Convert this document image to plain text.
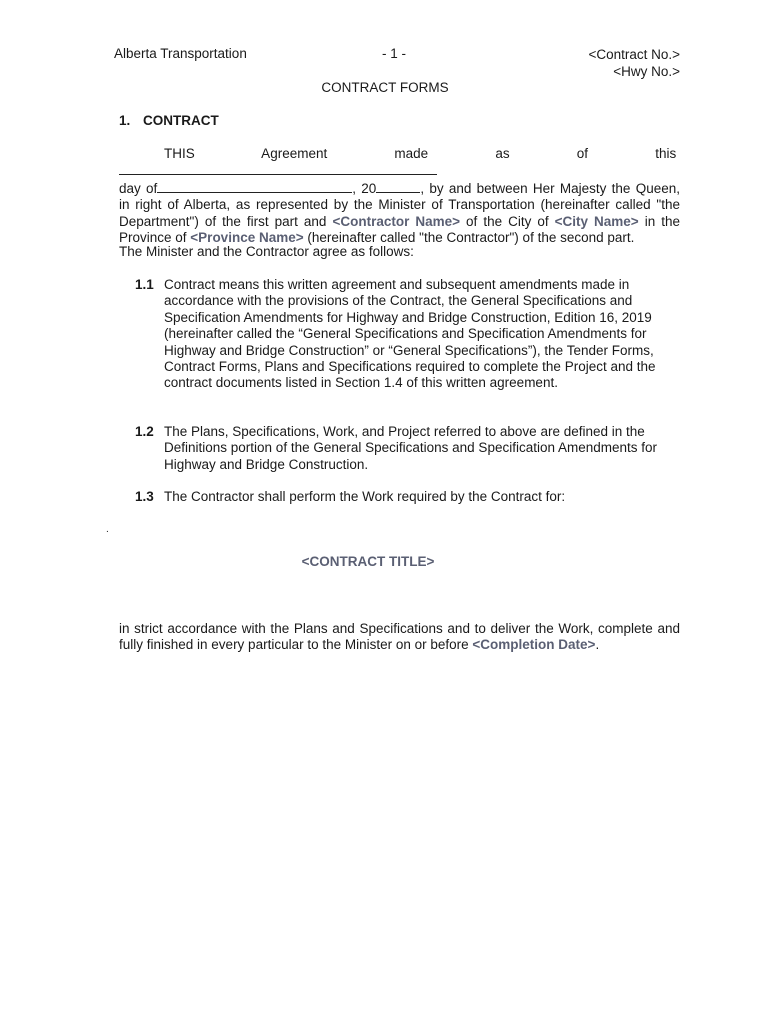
Alberta Transportation	- 1 -	<Contract No.>
<Hwy No.>
CONTRACT FORMS
1. CONTRACT
THIS Agreement made as of this
day of	, 20	, by and between Her Majesty the Queen, in right of Alberta, as represented by the Minister of Transportation (hereinafter called "the Department") of the first part and <Contractor Name> of the City of <City Name> in the Province of <Province Name> (hereinafter called "the Contractor") of the second part.
The Minister and the Contractor agree as follows:
1.1 Contract means this written agreement and subsequent amendments made in accordance with the provisions of the Contract, the General Specifications and Specification Amendments for Highway and Bridge Construction, Edition 16, 2019 (hereinafter called the “General Specifications and Specification Amendments for Highway and Bridge Construction” or “General Specifications”), the Tender Forms, Contract Forms, Plans and Specifications required to complete the Project and the contract documents listed in Section 1.4 of this written agreement.
1.2 The Plans, Specifications, Work, and Project referred to above are defined in the Definitions portion of the General Specifications and Specification Amendments for Highway and Bridge Construction.
1.3 The Contractor shall perform the Work required by the Contract for:
.
<CONTRACT TITLE>
in strict accordance with the Plans and Specifications and to deliver the Work, complete and fully finished in every particular to the Minister on or before <Completion Date>.
